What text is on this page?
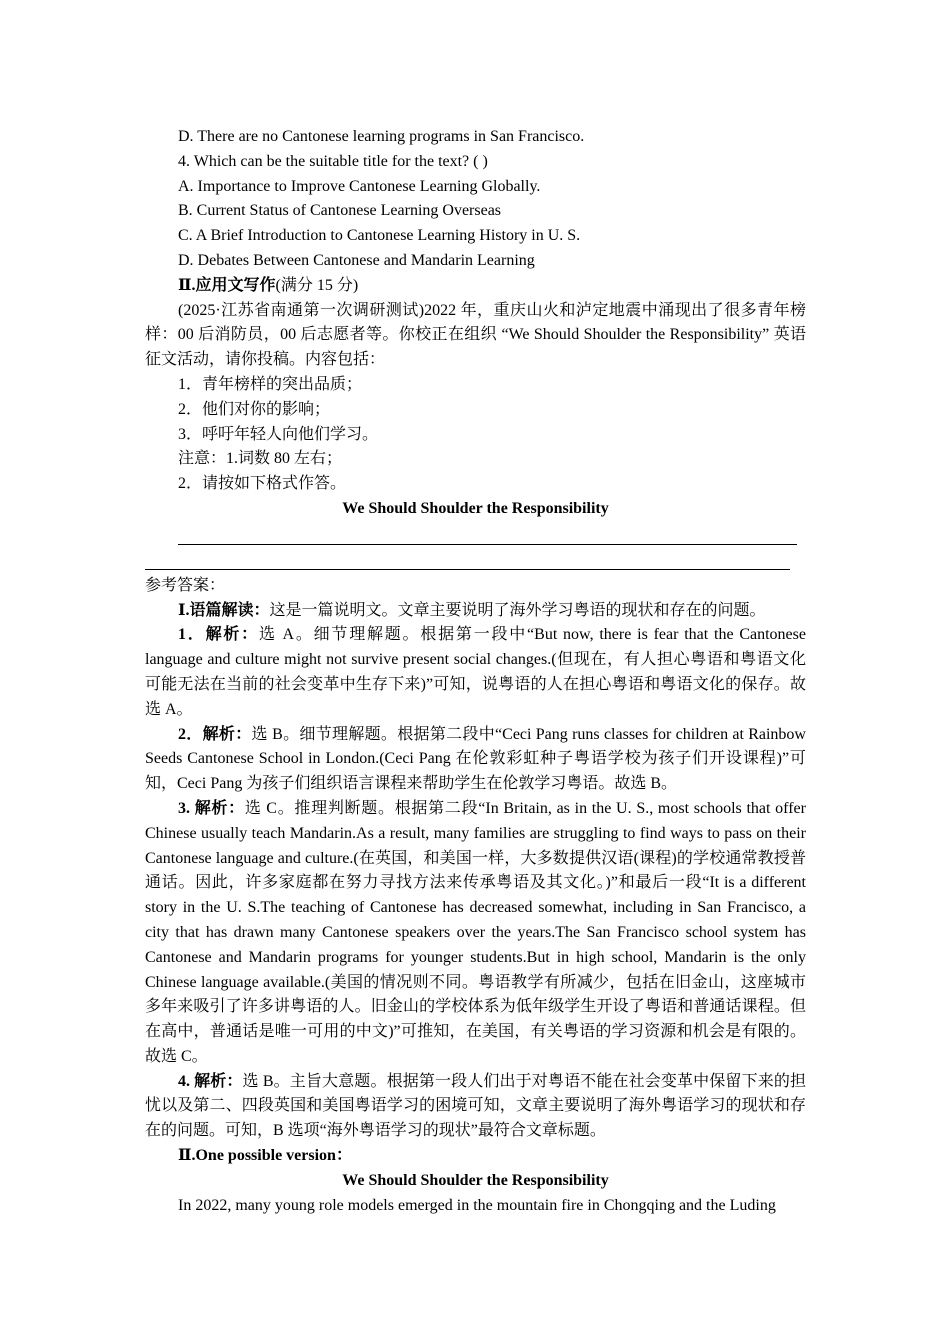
D. There are no Cantonese learning programs in San Francisco.

4. Which can be the suitable title for the text? ( )

A. Importance to Improve Cantonese Learning Globally.

B. Current Status of Cantonese Learning Overseas

C. A Brief Introduction to Cantonese Learning History in U. S.

D. Debates Between Cantonese and Mandarin Learning

Ⅱ.应用文写作(满分 15 分)

(2025·江苏省南通第一次调研测试)2022 年，重庆山火和泸定地震中涌现出了很多青年榜样：00 后消防员，00 后志愿者等。你校正在组织 “We Should Shoulder the Responsibility” 英语征文活动，请你投稿。内容包括：

1．青年榜样的突出品质；

2．他们对你的影响；

3．呼吁年轻人向他们学习。

注意：1.词数 80 左右；

2．请按如下格式作答。

We Should Shoulder the Responsibility

参考答案：

Ⅰ.语篇解读：这是一篇说明文。文章主要说明了海外学习粤语的现状和存在的问题。

1．解析：选 A。细节理解题。根据第一段中“But now, there is fear that the Cantonese language and culture might not survive present social changes.(但现在，有人担心粤语和粤语文化可能无法在当前的社会变革中生存下来)”可知，说粤语的人在担心粤语和粤语文化的保存。故选 A。

2．解析：选 B。细节理解题。根据第二段中“Ceci Pang runs classes for children at Rainbow Seeds Cantonese School in London.(Ceci Pang 在伦敦彩虹种子粤语学校为孩子们开设课程)”可知，Ceci Pang 为孩子们组织语言课程来帮助学生在伦敦学习粤语。故选 B。

3. 解析：选 C。推理判断题。根据第二段“In Britain, as in the U. S., most schools that offer Chinese usually teach Mandarin.As a result, many families are struggling to find ways to pass on their Cantonese language and culture.(在英国，和美国一样，大多数提供汉语(课程)的学校通常教授普通话。因此，许多家庭都在努力寻找方法来传承粤语及其文化。)”和最后一段“It is a different story in the U. S.The teaching of Cantonese has decreased somewhat, including in San Francisco, a city that has drawn many Cantonese speakers over the years.The San Francisco school system has Cantonese and Mandarin programs for younger students.But in high school, Mandarin is the only Chinese language available.(美国的情况则不同。粤语教学有所减少，包括在旧金山，这座城市多年来吸引了许多讲粤语的人。旧金山的学校体系为低年级学生开设了粤语和普通话课程。但在高中，普通话是唯一可用的中文)”可推知，在美国，有关粤语的学习资源和机会是有限的。故选 C。

4. 解析：选 B。主旨大意题。根据第一段人们出于对粤语不能在社会变革中保留下来的担忧以及第二、四段英国和美国粤语学习的困境可知，文章主要说明了海外粤语学习的现状和存在的问题。可知，B 选项“海外粤语学习的现状”最符合文章标题。

Ⅱ.One possible version：

We Should Shoulder the Responsibility

In 2022, many young role models emerged in the mountain fire in Chongqing and the Luding
